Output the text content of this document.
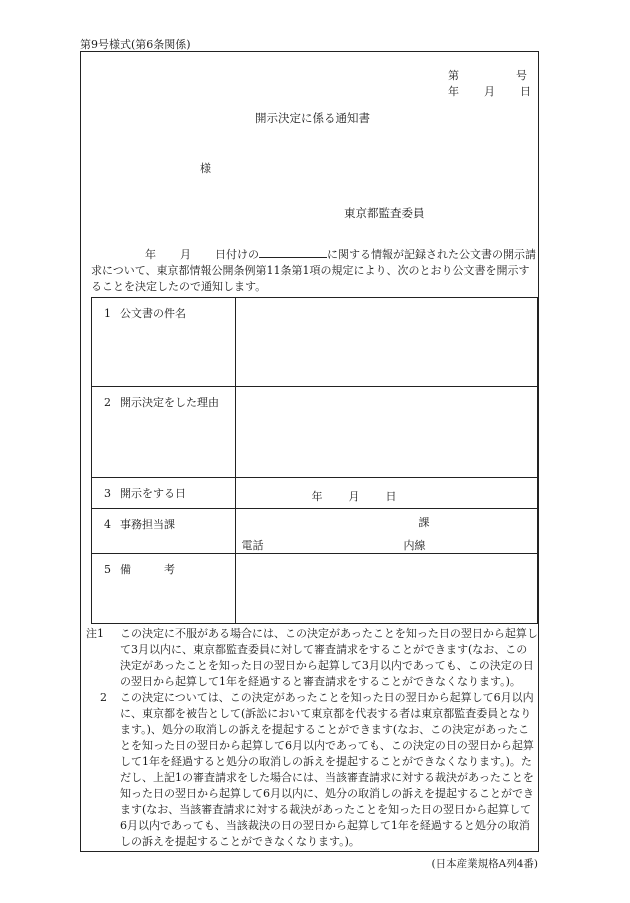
第9号様式(第6条関係)
第	号
年 月 日
開示決定に係る通知書
様
東京都監査委員
年 月 日付けの	に関する情報が記録された公文書の開示請求について、東京都情報公開条例第11条第1項の規定により、次のとおり公文書を開示することを決定したので通知します。
1 公文書の件名	
2 開示決定をした理由	
3 開示をする日	年 月 日

4 事務担当課	課
電話 内線

5 備　　　考	
注1 この決定に不服がある場合には、この決定があったことを知った日の翌日から起算して3月以内に、東京都監査委員に対して審査請求をすることができます(なお、この決定があったことを知った日の翌日から起算して3月以内であっても、この決定の日の翌日から起算して1年を経過すると審査請求をすることができなくなります。)。
2 この決定については、この決定があったことを知った日の翌日から起算して6月以内に、東京都を被告として(訴訟において東京都を代表する者は東京都監査委員となります。)、処分の取消しの訴えを提起することができます(なお、この決定があったことを知った日の翌日から起算して6月以内であっても、この決定の日の翌日から起算して1年を経過すると処分の取消しの訴えを提起することができなくなります。)。ただし、上記1の審査請求をした場合には、当該審査請求に対する裁決があったことを知った日の翌日から起算して6月以内に、処分の取消しの訴えを提起することができます(なお、当該審査請求に対する裁決があったことを知った日の翌日から起算して6月以内であっても、当該裁決の日の翌日から起算して1年を経過すると処分の取消しの訴えを提起することができなくなります。)。
(日本産業規格A列4番)
